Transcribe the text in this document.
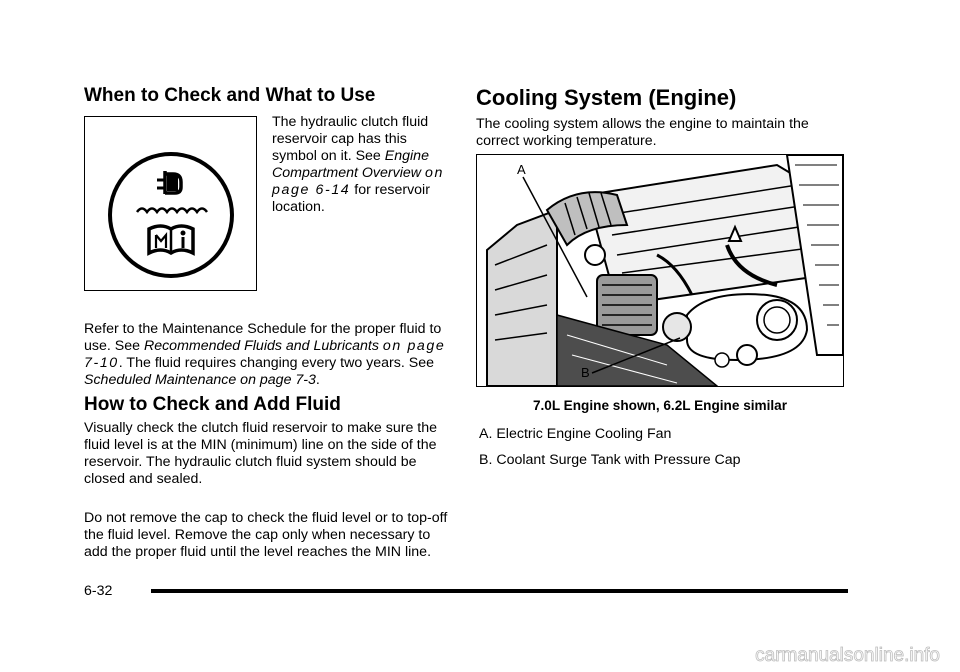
When to Check and What to Use

The hydraulic clutch fluid reservoir cap has this symbol on it. See Engine Compartment Overview on page 6-14 for reservoir location.

Refer to the Maintenance Schedule for the proper fluid to use. See Recommended Fluids and Lubricants on page 7-10. The fluid requires changing every two years. See Scheduled Maintenance on page 7-3.

How to Check and Add Fluid

Visually check the clutch fluid reservoir to make sure the fluid level is at the MIN (minimum) line on the side of the reservoir. The hydraulic clutch fluid system should be closed and sealed.

Do not remove the cap to check the fluid level or to top-off the fluid level. Remove the cap only when necessary to add the proper fluid until the level reaches the MIN line.

Cooling System (Engine)

The cooling system allows the engine to maintain the correct working temperature.

A
B
7.0L Engine shown, 6.2L Engine similar
A. Electric Engine Cooling Fan
B. Coolant Surge Tank with Pressure Cap
6-32
carmanualsonline.info
